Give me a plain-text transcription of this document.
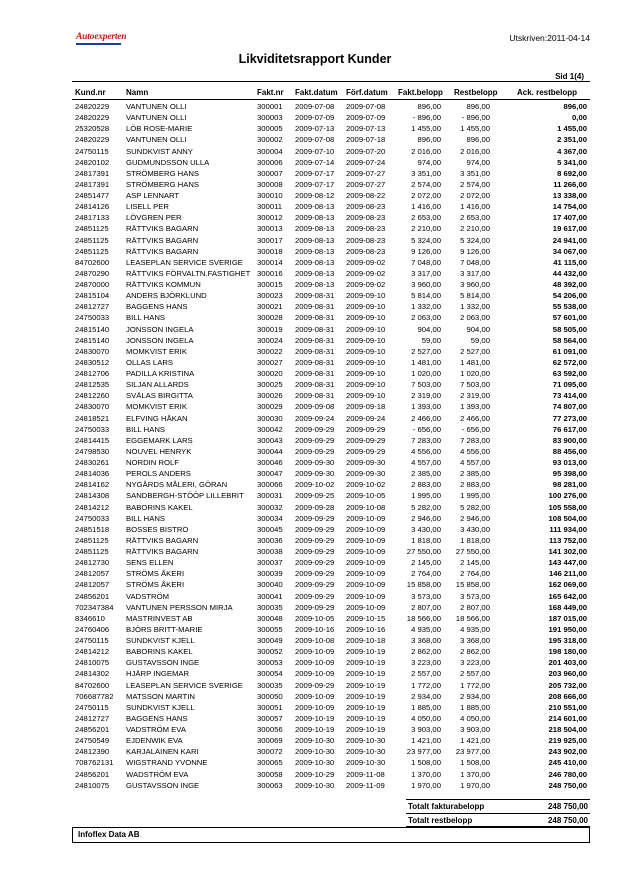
Autoexperten	Utskriven:2011-04-14
Likviditetsrapport Kunder
Sid 1(4)
Kund.nr	Namn	Fakt.nr Fakt.datum Förf.datum Fakt.belopp Restbelopp Ack. restbelopp
24820229	VANTUNEN OLLI	300001	2009-07-08	2009-07-08	896,00	896,00	896,00
24820229	VANTUNEN OLLI	300003	2009-07-09	2009-07-09	- 896,00	- 896,00	0,00
25320528	LÖB ROSE-MARIE	300005	2009-07-13	2009-07-13	1 455,00	1 455,00	1 455,00
24820229	VANTUNEN OLLI	300002	2009-07-08	2009-07-18	896,00	896,00	2 351,00
24750115	SUNDKVIST ANNY	300004	2009-07-10	2009-07-20	2 016,00	2 016,00	4 367,00
24820102	GUDMUNDSSON ULLA	300006	2009-07-14	2009-07-24	974,00	974,00	5 341,00
24817391	STRÖMBERG HANS	300007	2009-07-17	2009-07-27	3 351,00	3 351,00	8 692,00
24817391	STRÖMBERG HANS	300008	2009-07-17	2009-07-27	2 574,00	2 574,00	11 266,00
24851477	ASP LENNART	300010	2009-08-12	2009-08-22	2 072,00	2 072,00	13 338,00
24814126	LISELL PER	300011	2009-08-13	2009-08-23	1 416,00	1 416,00	14 754,00
24817133	LÖVGREN PER	300012	2009-08-13	2009-08-23	2 653,00	2 653,00	17 407,00
24851125	RÄTTVIKS BAGARN	300013	2009-08-13	2009-08-23	2 210,00	2 210,00	19 617,00
24851125	RÄTTVIKS BAGARN	300017	2009-08-13	2009-08-23	5 324,00	5 324,00	24 941,00
24851125	RÄTTVIKS BAGARN	300018	2009-08-13	2009-08-23	9 126,00	9 126,00	34 067,00
84702600	LEASEPLAN SERVICE SVERIGE	300014	2009-08-13	2009-09-02	7 048,00	7 048,00	41 115,00
24870290	RÄTTVIKS FÖRVALTN.FASTIGHET 300016	2009-08-13	2009-09-02	3 317,00	3 317,00	44 432,00
24870000	RÄTTVIKS KOMMUN	300015	2009-08-13	2009-09-02	3 960,00	3 960,00	48 392,00
24815104	ANDERS BJÖRKLUND	300023	2009-08-31	2009-09-10	5 814,00	5 814,00	54 206,00
24812727	BAGGENS HANS	300021	2009-08-31	2009-09-10	1 332,00	1 332,00	55 538,00
24750033	BILL HANS	300028	2009-08-31	2009-09-10	2 063,00	2 063,00	57 601,00
24815140	JONSSON INGELA	300019	2009-08-31	2009-09-10	904,00	904,00	58 505,00
24815140	JONSSON INGELA	300024	2009-08-31	2009-09-10	59,00	59,00	58 564,00
24830070	MOMKVIST ERIK	300022	2009-08-31	2009-09-10	2 527,00	2 527,00	61 091,00
24830512	OLLAS LARS	300027	2009-08-31	2009-09-10	1 481,00	1 481,00	62 572,00
24812706	PADILLA KRISTINA	300020	2009-08-31	2009-09-10	1 020,00	1 020,00	63 592,00
24812535	SILJAN ALLARDS	300025	2009-08-31	2009-09-10	7 503,00	7 503,00	71 095,00
24812260	SVÄLAS BIRGITTA	300026	2009-08-31	2009-09-10	2 319,00	2 319,00	73 414,00
24830070	MOMKVIST ERIK	300029	2009-09-08	2009-09-18	1 393,00	1 393,00	74 807,00
24818521	ELFVING HÅKAN	300030	2009-09-24	2009-09-24	2 466,00	2 466,00	77 273,00
24750033	BILL HANS	300042	2009-09-29	2009-09-29	- 656,00	- 656,00	76 617,00
24814415	EGGEMARK LARS	300043	2009-09-29	2009-09-29	7 283,00	7 283,00	83 900,00
24798530	NOUVEL HENRYK	300044	2009-09-29	2009-09-29	4 556,00	4 556,00	88 456,00
24830261	NORDIN ROLF	300046	2009-09-30	2009-09-30	4 557,00	4 557,00	93 013,00
24814036	PEROLS ANDERS	300047	2009-09-30	2009-09-30	2 385,00	2 385,00	95 398,00
24814162	NYGÅRDS MÅLERI, GÖRAN	300066	2009-10-02	2009-10-02	2 883,00	2 883,00	98 281,00
24814308	SANDBERGH-STÖÖP LILLEBRIT	300031	2009-09-25	2009-10-05	1 995,00	1 995,00	100 276,00
24814212	BABORINS KAKEL	300032	2009-09-28	2009-10-08	5 282,00	5 282,00	105 558,00
24750033	BILL HANS	300034	2009-09-29	2009-10-09	2 946,00	2 946,00	108 504,00
24851518	BOSSES BISTRO	300045	2009-09-29	2009-10-09	3 430,00	3 430,00	111 934,00
24851125	RÄTTVIKS BAGARN	300036	2009-09-29	2009-10-09	1 818,00	1 818,00	113 752,00
24851125	RÄTTVIKS BAGARN	300038	2009-09-29	2009-10-09	27 550,00	27 550,00	141 302,00
24812730	SENS ELLEN	300037	2009-09-29	2009-10-09	2 145,00	2 145,00	143 447,00
24812057	STRÖMS ÅKERI	300039	2009-09-29	2009-10-09	2 764,00	2 764,00	146 211,00
24812057	STRÖMS ÅKERI	300040	2009-09-29	2009-10-09	15 858,00	15 858,00	162 069,00
24856201	VADSTRÖM	300041	2009-09-29	2009-10-09	3 573,00	3 573,00	165 642,00
702347384	VANTUNEN PERSSON MIRJA	300035	2009-09-29	2009-10-09	2 807,00	2 807,00	168 449,00
8346610	MASTRINVEST AB	300048	2009-10-05	2009-10-15	18 566,00	18 566,00	187 015,00
24760406	BJÖRS BRITT-MARIE	300055	2009-10-16	2009-10-16	4 935,00	4 935,00	191 950,00
24750115	SUNDKVIST KJELL	300049	2009-10-08	2009-10-18	3 368,00	3 368,00	195 318,00
24814212	BABORINS KAKEL	300052	2009-10-09	2009-10-19	2 862,00	2 862,00	198 180,00
24810075	GUSTAVSSON INGE	300053	2009-10-09	2009-10-19	3 223,00	3 223,00	201 403,00
24814302	HJÄRP INGEMAR	300054	2009-10-09	2009-10-19	2 557,00	2 557,00	203 960,00
84702600	LEASEPLAN SERVICE SVERIGE	300035	2009-09-29	2009-10-19	1 772,00	1 772,00	205 732,00
706687782	MATSSON MARTIN	300050	2009-10-09	2009-10-19	2 934,00	2 934,00	208 666,00
24750115	SUNDKVIST KJELL	300051	2009-10-09	2009-10-19	1 885,00	1 885,00	210 551,00
24812727	BAGGENS HANS	300057	2009-10-19	2009-10-19	4 050,00	4 050,00	214 601,00
24856201	VADSTRÖM EVA	300056	2009-10-19	2009-10-19	3 903,00	3 903,00	218 504,00
24750549	EJDENWIK EVA	300069	2009-10-30	2009-10-30	1 421,00	1 421,00	219 925,00
24812390	KARJALAINEN KARI	300072	2009-10-30	2009-10-30	23 977,00	23 977,00	243 902,00
708762131	WIGSTRAND YVONNE	300065	2009-10-30	2009-10-30	1 508,00	1 508,00	245 410,00
24856201	WADSTRÖM EVA	300058	2009-10-29	2009-11-08	1 370,00	1 370,00	246 780,00
24810075	GUSTAVSSON INGE	300063	2009-10-30	2009-11-09	1 970,00	1 970,00	248 750,00
Totalt fakturabelopp	248 750,00
Totalt restbelopp	248 750,00
Infoflex Data AB
